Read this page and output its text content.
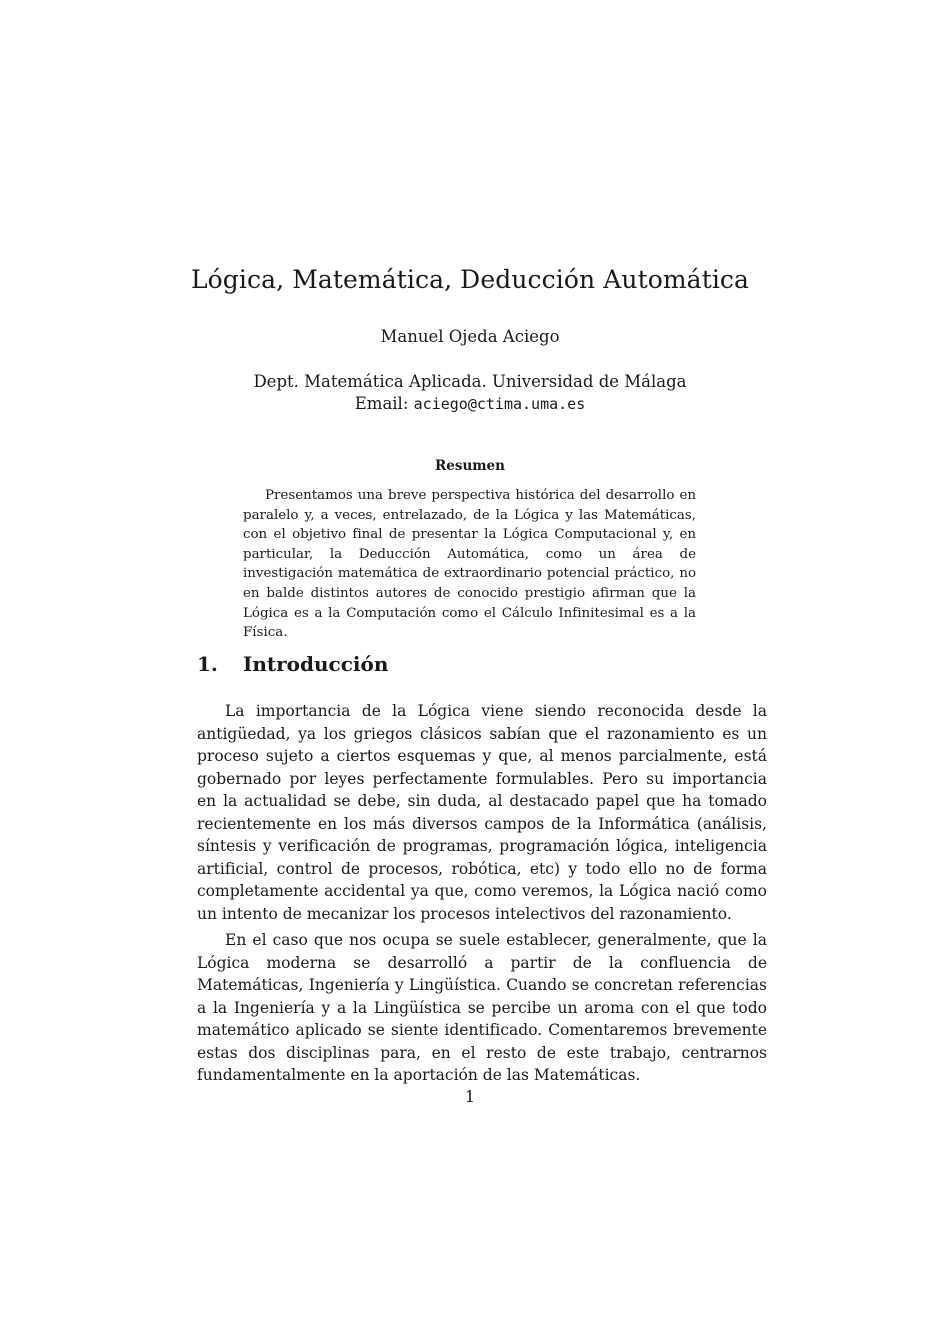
Lógica, Matemática, Deducción Automática
Manuel Ojeda Aciego
Dept. Matemática Aplicada. Universidad de Málaga
Email: aciego@ctima.uma.es
Resumen

Presentamos una breve perspectiva histórica del desarrollo en paralelo y, a veces, entrelazado, de la Lógica y las Matemáticas, con el objetivo final de presentar la Lógica Computacional y, en particular, la Deducción Automática, como un área de investigación matemática de extraordinario potencial práctico, no en balde distintos autores de conocido prestigio afirman que la Lógica es a la Computación como el Cálculo Infinitesimal es a la Física.

1. Introducción

La importancia de la Lógica viene siendo reconocida desde la antigüedad, ya los griegos clásicos sabían que el razonamiento es un proceso sujeto a ciertos esquemas y que, al menos parcialmente, está gobernado por leyes perfectamente formulables. Pero su importancia en la actualidad se debe, sin duda, al destacado papel que ha tomado recientemente en los más diversos campos de la Informática (análisis, síntesis y verificación de programas, programación lógica, inteligencia artificial, control de procesos, robótica, etc) y todo ello no de forma completamente accidental ya que, como veremos, la Lógica nació como un intento de mecanizar los procesos intelectivos del razonamiento.

En el caso que nos ocupa se suele establecer, generalmente, que la Lógica moderna se desarrolló a partir de la confluencia de Matemáticas, Ingeniería y Lingüística. Cuando se concretan referencias a la Ingeniería y a la Lingüística se percibe un aroma con el que todo matemático aplicado se siente identificado. Comentaremos brevemente estas dos disciplinas para, en el resto de este trabajo, centrarnos fundamentalmente en la aportación de las Matemáticas.

1
